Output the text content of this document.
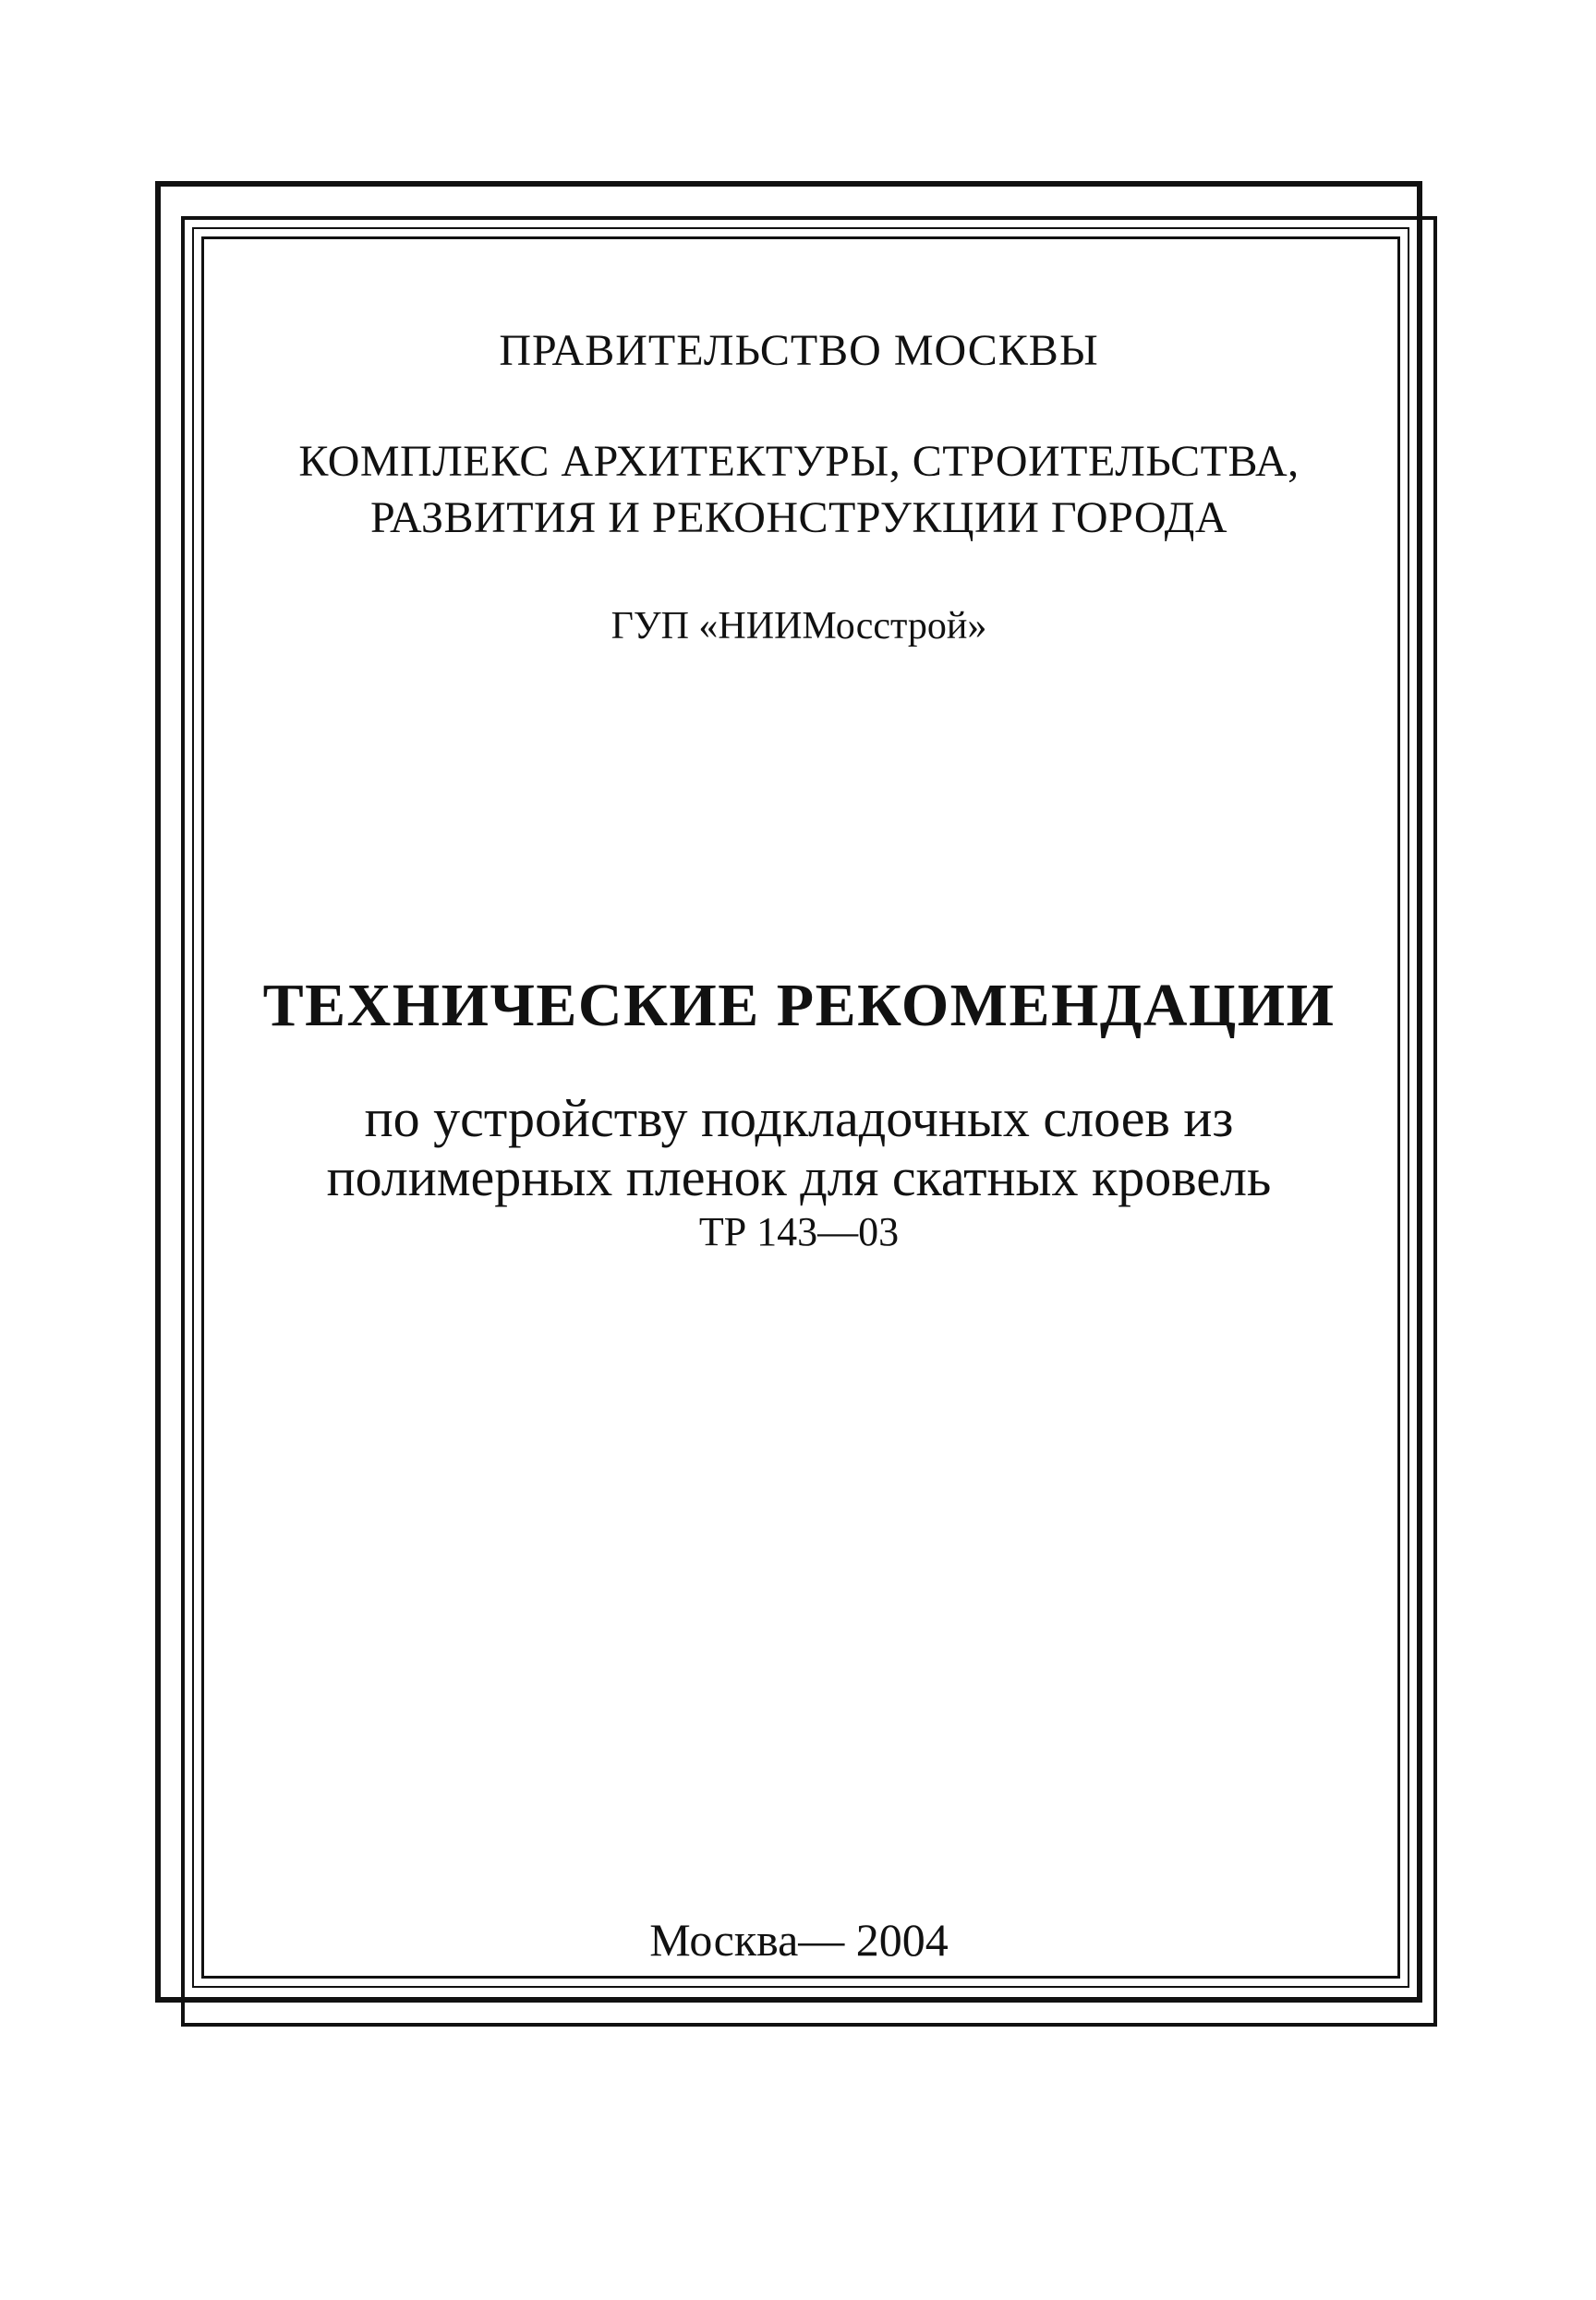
ПРАВИТЕЛЬСТВО МОСКВЫ
КОМПЛЕКС АРХИТЕКТУРЫ, СТРОИТЕЛЬСТВА,
РАЗВИТИЯ И РЕКОНСТРУКЦИИ ГОРОДА
ГУП «НИИМосстрой»
ТЕХНИЧЕСКИЕ РЕКОМЕНДАЦИИ
по устройству подкладочных слоев из
полимерных пленок для скатных кровель
ТР 143—03
Москва— 2004
